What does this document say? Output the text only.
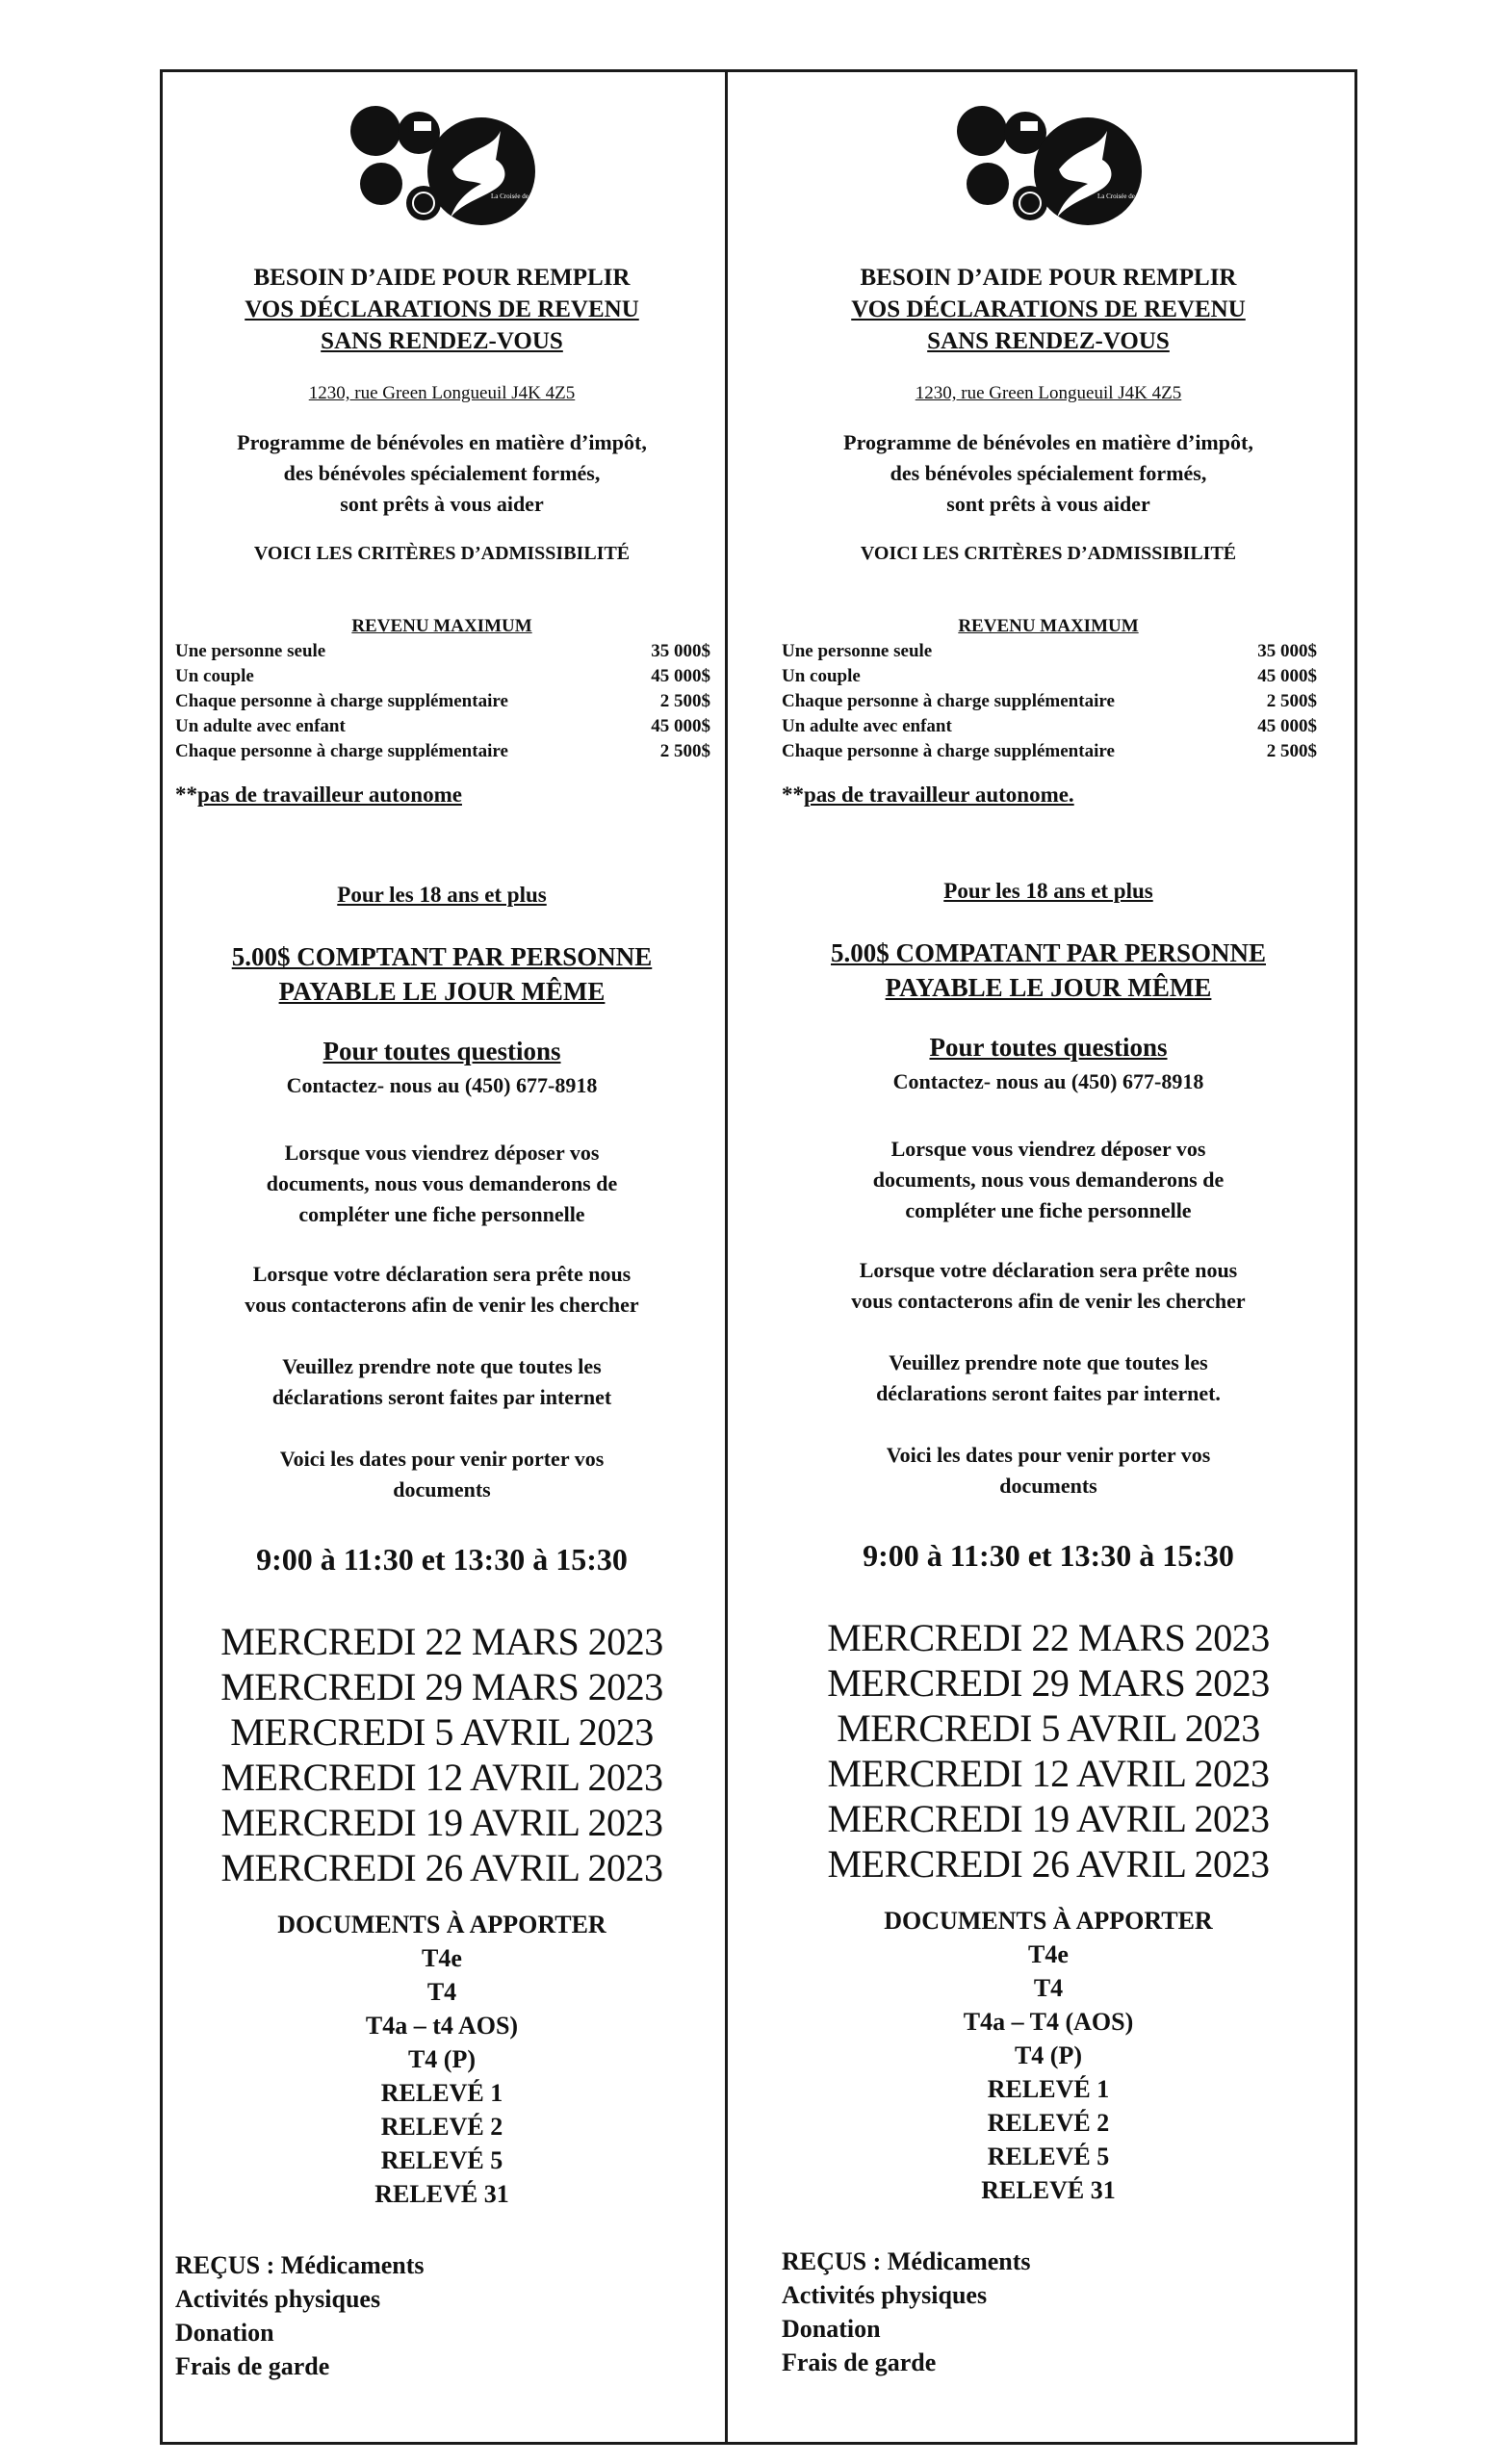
La Croisée de Longueuil
BESOIN D’AIDE POUR REMPLIR
VOS DÉCLARATIONS DE REVENU
SANS RENDEZ-VOUS
1230, rue Green Longueuil J4K 4Z5
Programme de bénévoles en matière d’impôt,
des bénévoles spécialement formés,
sont prêts à vous aider
VOICI LES CRITÈRES D’ADMISSIBILITÉ
REVENU MAXIMUM
Une personne seule	35 000$
Un couple	45 000$
Chaque personne à charge supplémentaire	2 500$
Un adulte avec enfant	45 000$
Chaque personne à charge supplémentaire	2 500$
**pas de travailleur autonome
Pour les 18 ans et plus
5.00$ COMPTANT PAR PERSONNE
PAYABLE LE JOUR MÊME
Pour toutes questions
Contactez- nous au (450) 677-8918
Lorsque vous viendrez déposer vos
documents, nous vous demanderons de
compléter une fiche personnelle
Lorsque votre déclaration sera prête nous
vous contacterons afin de venir les chercher
Veuillez prendre note que toutes les
déclarations seront faites par internet
Voici les dates pour venir porter vos
documents
9:00 à 11:30 et 13:30 à 15:30
MERCREDI 22 MARS 2023
MERCREDI 29 MARS 2023
MERCREDI 5 AVRIL 2023
MERCREDI 12 AVRIL 2023
MERCREDI 19 AVRIL 2023
MERCREDI 26 AVRIL 2023
DOCUMENTS À APPORTER
T4e
T4
T4a – t4 AOS)
T4 (P)
RELEVÉ 1
RELEVÉ 2
RELEVÉ 5
RELEVÉ 31
REÇUS : Médicaments
Activités physiques
Donation
Frais de garde
La Croisée de Longueuil
BESOIN D’AIDE POUR REMPLIR
VOS DÉCLARATIONS DE REVENU
SANS RENDEZ-VOUS
1230, rue Green Longueuil J4K 4Z5
Programme de bénévoles en matière d’impôt,
des bénévoles spécialement formés,
sont prêts à vous aider
VOICI LES CRITÈRES D’ADMISSIBILITÉ
REVENU MAXIMUM
Une personne seule	35 000$
Un couple	45 000$
Chaque personne à charge supplémentaire	2 500$
Un adulte avec enfant	45 000$
Chaque personne à charge supplémentaire	2 500$
**pas de travailleur autonome.
Pour les 18 ans et plus
5.00$ COMPATANT PAR PERSONNE
PAYABLE LE JOUR MÊME
Pour toutes questions
Contactez- nous au (450) 677-8918
Lorsque vous viendrez déposer vos
documents, nous vous demanderons de
compléter une fiche personnelle
Lorsque votre déclaration sera prête nous
vous contacterons afin de venir les chercher
Veuillez prendre note que toutes les
déclarations seront faites par internet.
Voici les dates pour venir porter vos
documents
9:00 à 11:30 et 13:30 à 15:30
MERCREDI 22 MARS 2023
MERCREDI 29 MARS 2023
MERCREDI 5 AVRIL 2023
MERCREDI 12 AVRIL 2023
MERCREDI 19 AVRIL 2023
MERCREDI 26 AVRIL 2023
DOCUMENTS À APPORTER
T4e
T4
T4a – T4 (AOS)
T4 (P)
RELEVÉ 1
RELEVÉ 2
RELEVÉ 5
RELEVÉ 31
REÇUS : Médicaments
Activités physiques
Donation
Frais de garde
